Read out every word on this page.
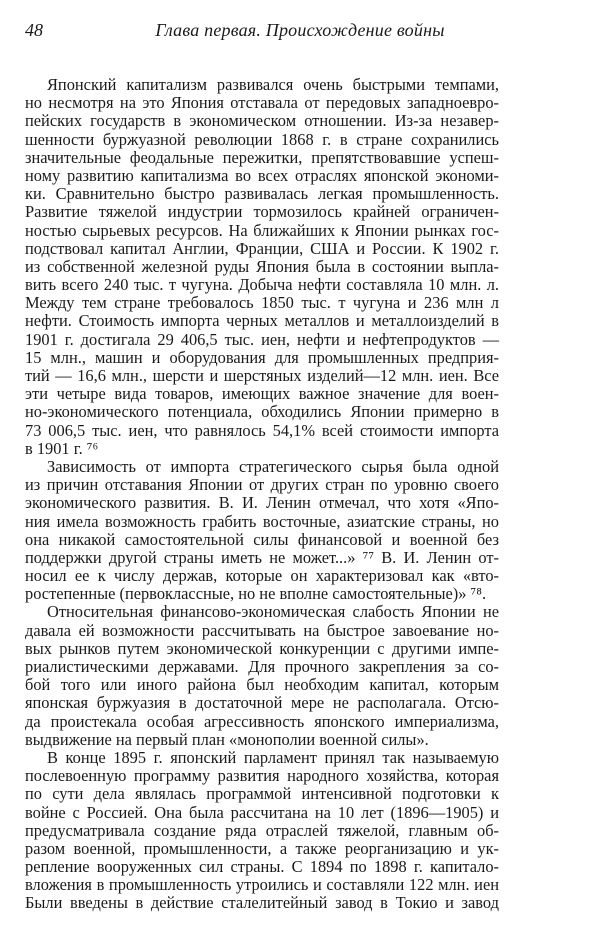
48	Глава первая. Происхождение войны
Японский капитализм развивался очень быстрыми темпами,
но несмотря на это Япония отставала от передовых западноевро-
пейских государств в экономическом отношении. Из-за незавер-
шенности буржуазной революции 1868 г. в стране сохранились
значительные феодальные пережитки, препятствовавшие успеш-
ному развитию капитализма во всех отраслях японской экономи-
ки. Сравнительно быстро развивалась легкая промышленность.
Развитие тяжелой индустрии тормозилось крайней ограничен-
ностью сырьевых ресурсов. На ближайших к Японии рынках гос-
подствовал капитал Англии, Франции, США и России. К 1902 г.
из собственной железной руды Япония была в состоянии выпла-
вить всего 240 тыс. т чугуна. Добыча нефти составляла 10 млн. л.
Между тем стране требовалось 1850 тыс. т чугуна и 236 млн л
нефти. Стоимость импорта черных металлов и металлоизделий в
1901 г. достигала 29 406,5 тыс. иен, нефти и нефтепродуктов —
15 млн., машин и оборудования для промышленных предприя-
тий — 16,6 млн., шерсти и шерстяных изделий—12 млн. иен. Все
эти четыре вида товаров, имеющих важное значение для воен-
но-экономического потенциала, обходились Японии примерно в
73 006,5 тыс. иен, что равнялось 54,1% всей стоимости импорта
в 1901 г. ⁷⁶
Зависимость от импорта стратегического сырья была одной
из причин отставания Японии от других стран по уровню своего
экономического развития. В. И. Ленин отмечал, что хотя «Япо-
ния имела возможность грабить восточные, азиатские страны, но
она никакой самостоятельной силы финансовой и военной без
поддержки другой страны иметь не может...» ⁷⁷ В. И. Ленин от-
носил ее к числу держав, которые он характеризовал как «вто-
ростепенные (первоклассные, но не вполне самостоятельные)» ⁷⁸.
Относительная финансово-экономическая слабость Японии не
давала ей возможности рассчитывать на быстрое завоевание но-
вых рынков путем экономической конкуренции с другими импе-
риалистическими державами. Для прочного закрепления за со-
бой того или иного района был необходим капитал, которым
японская буржуазия в достаточной мере не располагала. Отсю-
да проистекала особая агрессивность японского империализма,
выдвижение на первый план «монополии военной силы».
В конце 1895 г. японский парламент принял так называемую
послевоенную программу развития народного хозяйства, которая
по сути дела являлась программой интенсивной подготовки к
войне с Россией. Она была рассчитана на 10 лет (1896—1905) и
предусматривала создание ряда отраслей тяжелой, главным об-
разом военной, промышленности, а также реорганизацию и ук-
репление вооруженных сил страны. С 1894 по 1898 г. капитало-
вложения в промышленность утроились и составляли 122 млн. иен
Были введены в действие сталелитейный завод в Токио и завод
